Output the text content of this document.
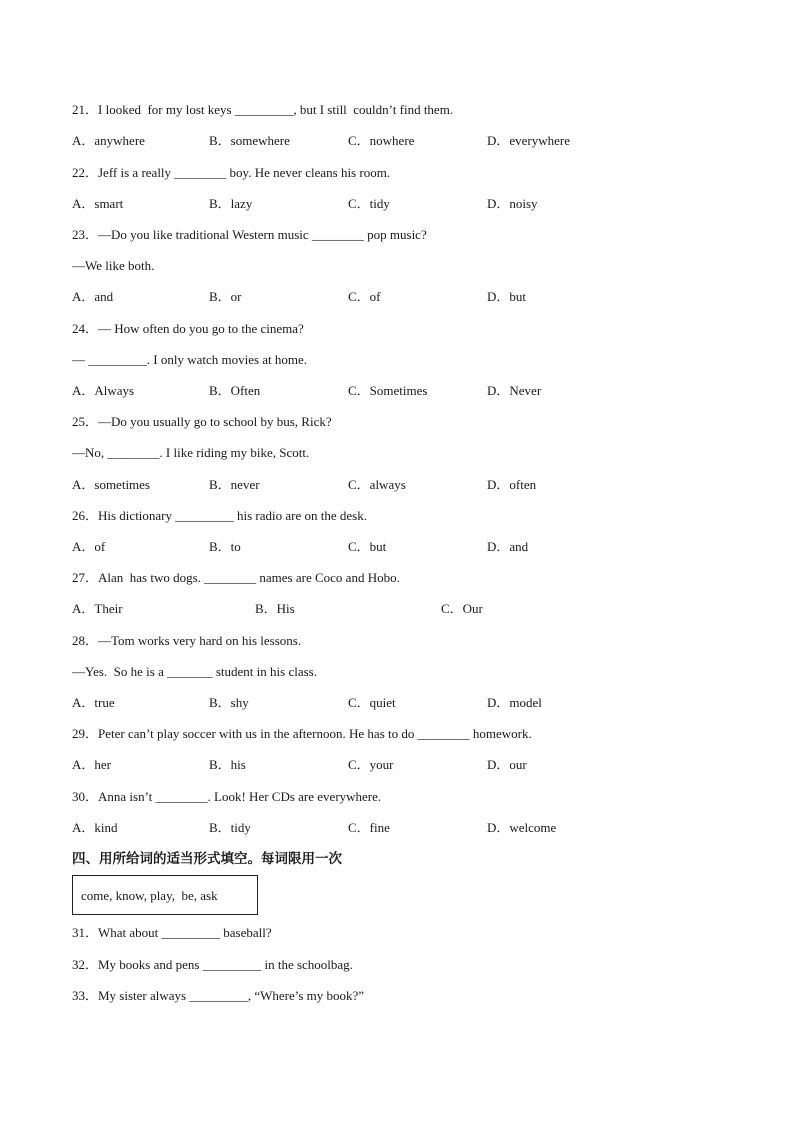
21．I looked  for my lost keys _________, but I still  couldn’t find them.
A．anywhere	B．somewhere	C．nowhere	D．everywhere
22．Jeff is a really ________ boy. He never cleans his room.
A．smart	B．lazy	C．tidy	D．noisy
23．—Do you like traditional Western music ________ pop music?
—We like both.
A．and	B．or	C．of	D．but
24．— How often do you go to the cinema?
— _________. I only watch movies at home.
A．Always	B．Often	C．Sometimes	D．Never
25．—Do you usually go to school by bus, Rick?
—No, ________. I like riding my bike, Scott.
A．sometimes	B．never	C．always	D．often
26．His dictionary _________ his radio are on the desk.
A．of	B．to	C．but	D．and
27．Alan  has two dogs. ________ names are Coco and Hobo.
A．Their	B．His	C．Our
28．—Tom works very hard on his lessons.
—Yes.  So he is a _______ student in his class.
A．true	B．shy	C．quiet	D．model
29．Peter can’t play soccer with us in the afternoon. He has to do ________ homework.
A．her	B．his	C．your	D．our
30．Anna isn’t ________. Look! Her CDs are everywhere.
A．kind	B．tidy	C．fine	D．welcome
四、用所给词的适当形式填空。每词限用一次
come, know, play,  be, ask
31．What about _________ baseball?
32．My books and pens _________ in the schoolbag.
33．My sister always _________, “Where’s my book?”
